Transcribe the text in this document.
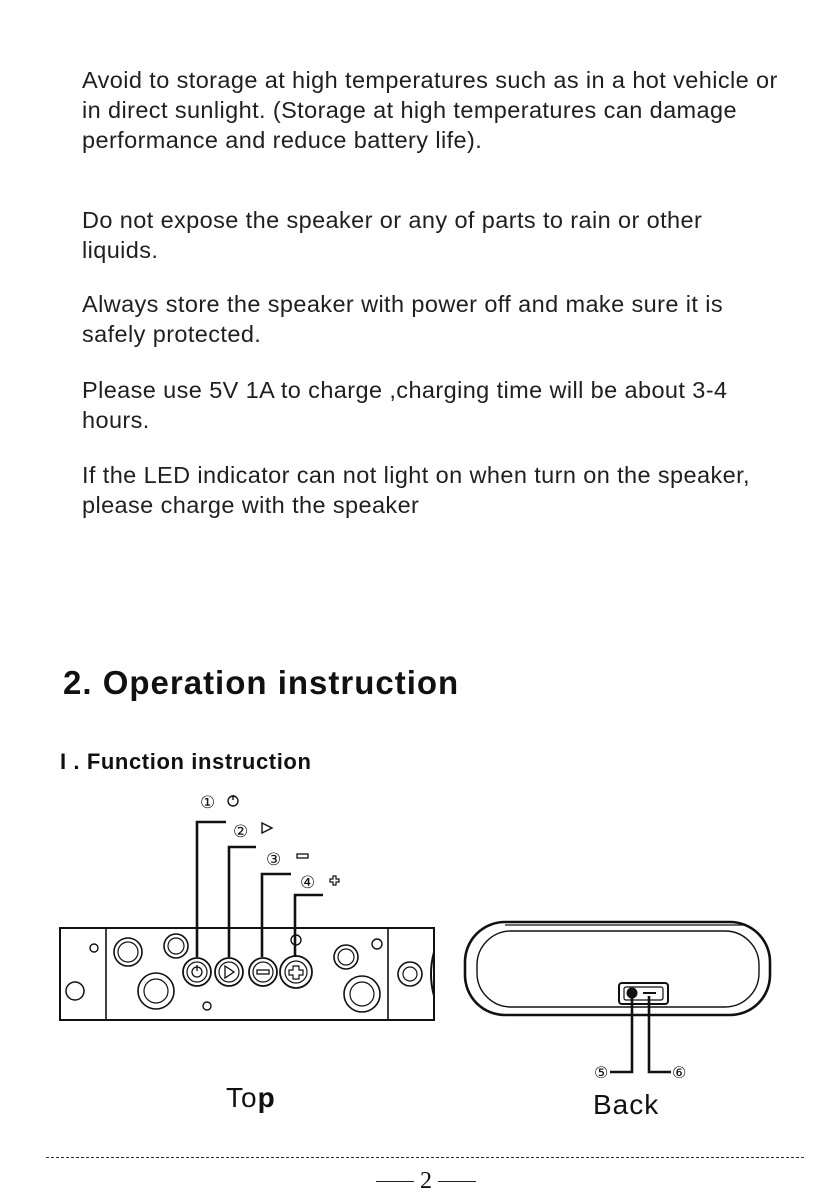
Avoid to storage at high temperatures such as in a hot vehicle or in direct sunlight. (Storage at high temperatures can damage performance and reduce battery life).

Do not expose the speaker or any of parts to rain or other liquids.

Always store the speaker with power off and make sure it is safely protected.

Please use 5V 1A to charge ,charging time will be about 3-4 hours.

If the LED indicator can not light on when turn on the speaker, please charge with the speaker

2. Operation instruction
I . Function instruction
①
②
③
④
⑤	⑥
Top	Back
2
